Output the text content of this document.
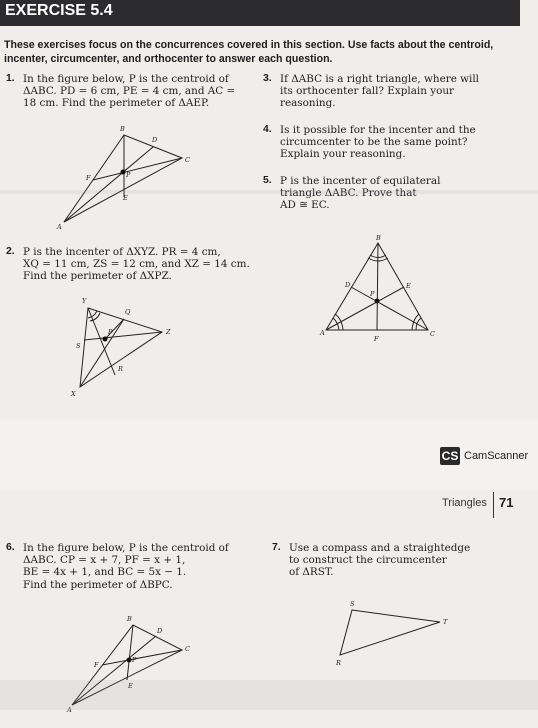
EXERCISE 5.4
These exercises focus on the concurrences covered in this section. Use facts about the centroid, incenter, circumcenter, and orthocenter to answer each question.
1. In the figure below, P is the centroid of
ΔABC. PD = 6 cm, PE = 4 cm, and AC =
18 cm. Find the perimeter of ΔAEP.
3. If ΔABC is a right triangle, where will
its orthocenter fall? Explain your
reasoning.
4. Is it possible for the incenter and the
circumcenter to be the same point?
Explain your reasoning.
5. P is the incenter of equilateral
triangle ΔABC. Prove that
AD ≅ EC.
2. P is the incenter of ΔXYZ. PR = 4 cm,
XQ = 11 cm, ZS = 12 cm, and XZ = 14 cm.
Find the perimeter of ΔXPZ.
B
D
C
F	P
E
A
Y
Q
P	Z
S
R
X
B
D	E
P
A
F
C
CS CamScanner
Triangles 71
6. In the figure below, P is the centroid of
ΔABC. CP = x + 7, PF = x + 1,
BE = 4x + 1, and BC = 5x − 1.
Find the perimeter of ΔBPC.
7. Use a compass and a straightedge
to construct the circumcenter
of ΔRST.
B
D
C
F
P
E
A
S
T
R
